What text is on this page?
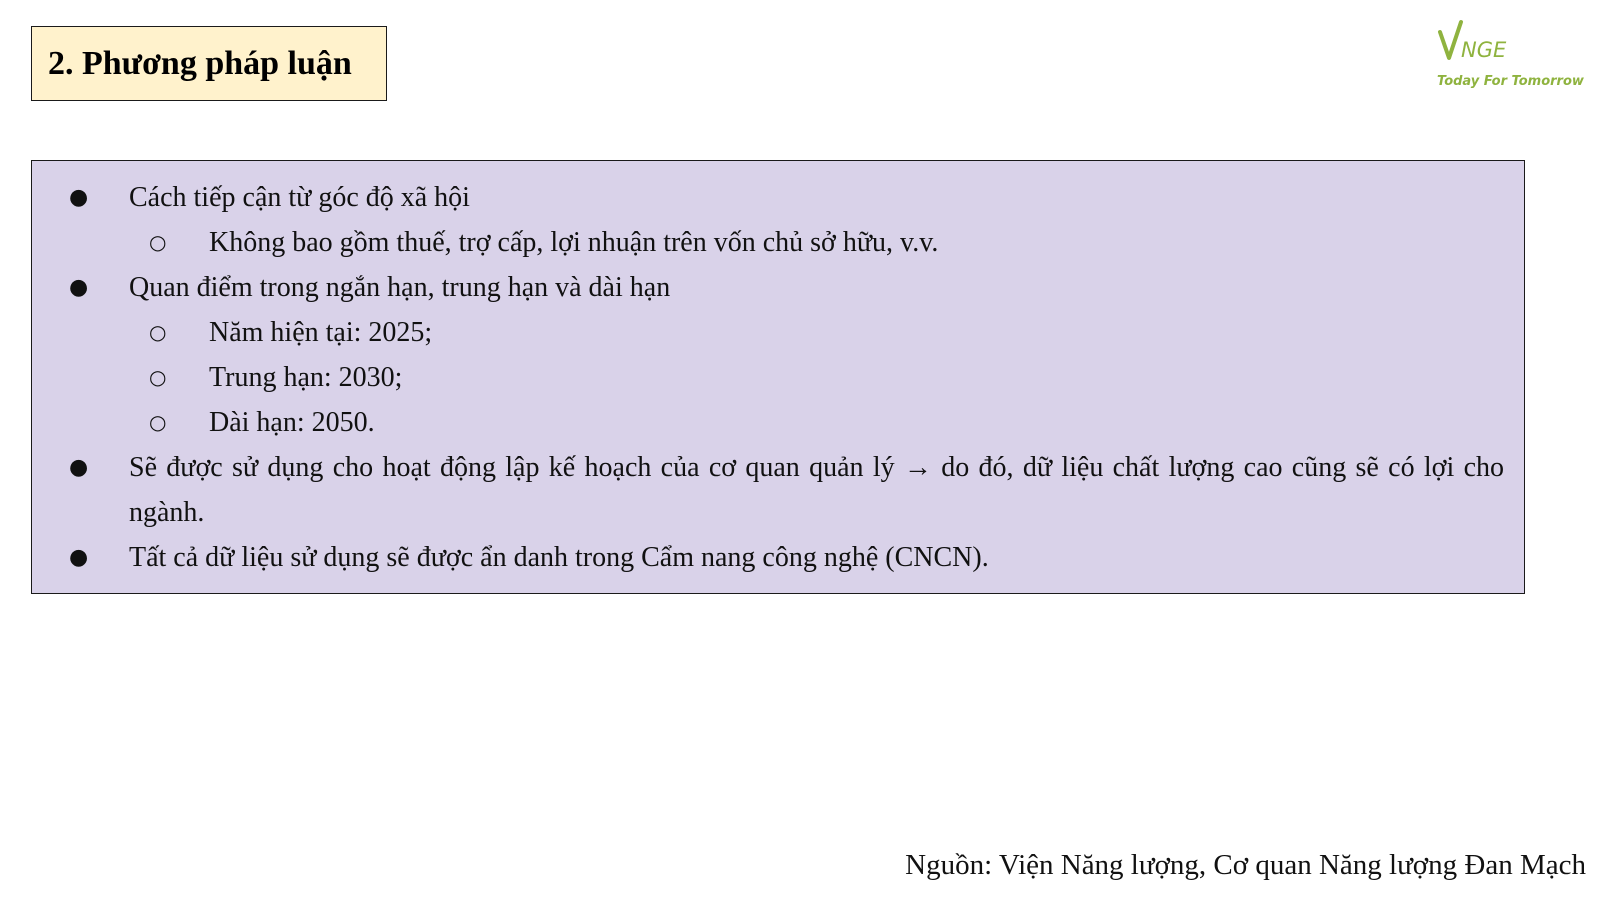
2. Phương pháp luận	NGE
Today For Tomorrow
● Cách tiếp cận từ góc độ xã hội
○ Không bao gồm thuế, trợ cấp, lợi nhuận trên vốn chủ sở hữu, v.v.
● Quan điểm trong ngắn hạn, trung hạn và dài hạn
○ Năm hiện tại: 2025;
○ Trung hạn: 2030;
○ Dài hạn: 2050.
● Sẽ được sử dụng cho hoạt động lập kế hoạch của cơ quan quản lý → do đó, dữ liệu chất lượng cao cũng sẽ có lợi cho ngành.
● Tất cả dữ liệu sử dụng sẽ được ẩn danh trong Cẩm nang công nghệ (CNCN).
Nguồn: Viện Năng lượng, Cơ quan Năng lượng Đan Mạch
